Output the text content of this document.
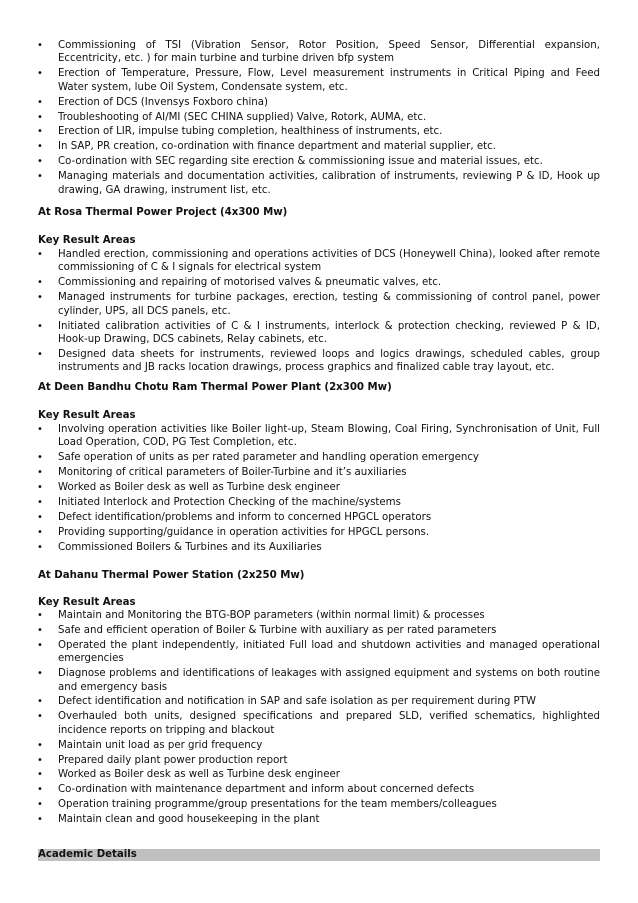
• Commissioning of TSI (Vibration Sensor, Rotor Position, Speed Sensor, Differential expansion, Eccentricity, etc. ) for main turbine and turbine driven bfp system
• Erection of Temperature, Pressure, Flow, Level measurement instruments in Critical Piping and Feed Water system, lube Oil System, Condensate system, etc.
• Erection of DCS (Invensys Foxboro china)
• Troubleshooting of AI/MI (SEC CHINA supplied) Valve, Rotork, AUMA, etc.
• Erection of LIR, impulse tubing completion, healthiness of instruments, etc.
• In SAP, PR creation, co-ordination with finance department and material supplier, etc.
• Co-ordination with SEC regarding site erection & commissioning issue and material issues, etc.
• Managing materials and documentation activities, calibration of instruments, reviewing P & ID, Hook up drawing, GA drawing, instrument list, etc.
At Rosa Thermal Power Project (4x300 Mw)
Key Result Areas
• Handled erection, commissioning and operations activities of DCS (Honeywell China), looked after remote commissioning of C & I signals for electrical system
• Commissioning and repairing of motorised valves & pneumatic valves, etc.
• Managed instruments for turbine packages, erection, testing & commissioning of control panel, power cylinder, UPS, all DCS panels, etc.
• Initiated calibration activities of C & I instruments, interlock & protection checking, reviewed P & ID, Hook-up Drawing, DCS cabinets, Relay cabinets, etc.
• Designed data sheets for instruments, reviewed loops and logics drawings, scheduled cables, group instruments and JB racks location drawings, process graphics and finalized cable tray layout, etc.
At Deen Bandhu Chotu Ram Thermal Power Plant (2x300 Mw)
Key Result Areas
• Involving operation activities like Boiler light-up, Steam Blowing, Coal Firing, Synchronisation of Unit, Full Load Operation, COD, PG Test Completion, etc.
• Safe operation of units as per rated parameter and handling operation emergency
• Monitoring of critical parameters of Boiler-Turbine and it’s auxiliaries
• Worked as Boiler desk as well as Turbine desk engineer
• Initiated Interlock and Protection Checking of the machine/systems
• Defect identification/problems and inform to concerned HPGCL operators
• Providing supporting/guidance in operation activities for HPGCL persons.
• Commissioned Boilers & Turbines and its Auxiliaries
At Dahanu Thermal Power Station (2x250 Mw)
Key Result Areas
• Maintain and Monitoring the BTG-BOP parameters (within normal limit) & processes
• Safe and efficient operation of Boiler & Turbine with auxiliary as per rated parameters
• Operated the plant independently, initiated Full load and shutdown activities and managed operational emergencies
• Diagnose problems and identifications of leakages with assigned equipment and systems on both routine and emergency basis
• Defect identification and notification in SAP and safe isolation as per requirement during PTW
• Overhauled both units, designed specifications and prepared SLD, verified schematics, highlighted incidence reports on tripping and blackout
• Maintain unit load as per grid frequency
• Prepared daily plant power production report
• Worked as Boiler desk as well as Turbine desk engineer
• Co-ordination with maintenance department and inform about concerned defects
• Operation training programme/group presentations for the team members/colleagues
• Maintain clean and good housekeeping in the plant
Academic Details
